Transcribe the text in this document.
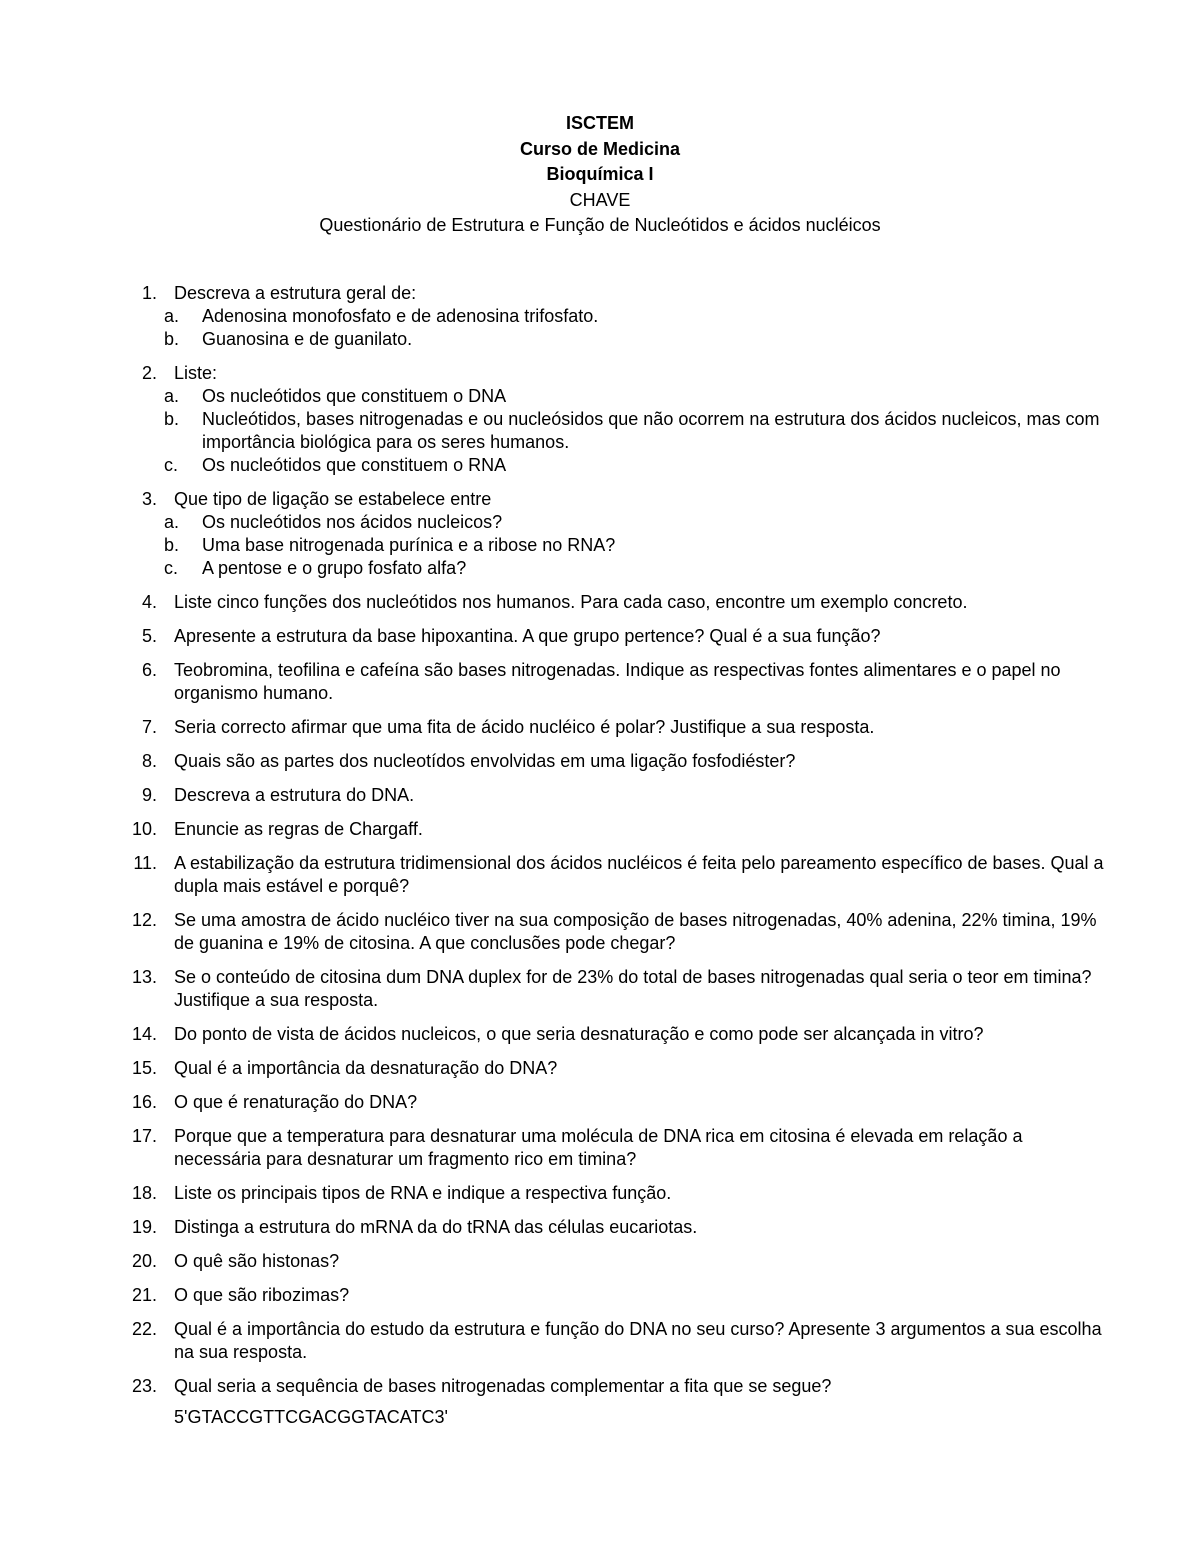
ISCTEM
Curso de Medicina
Bioquímica I
CHAVE
Questionário de Estrutura e Função de Nucleótidos e ácidos nucléicos
1. Descreva a estrutura geral de:
a. Adenosina monofosfato e de adenosina trifosfato.
b. Guanosina e de guanilato.
2. Liste:
a. Os nucleótidos que constituem o DNA
b. Nucleótidos, bases nitrogenadas e ou nucleósidos que não ocorrem na estrutura dos ácidos nucleicos, mas com importância biológica para os seres humanos.
c. Os nucleótidos que constituem o RNA
3. Que tipo de ligação se estabelece entre
a. Os nucleótidos nos ácidos nucleicos?
b. Uma base nitrogenada purínica e a ribose no RNA?
c. A pentose e o grupo fosfato alfa?
4. Liste cinco funções dos nucleótidos nos humanos. Para cada caso, encontre um exemplo concreto.
5. Apresente a estrutura da base hipoxantina. A que grupo pertence? Qual é a sua função?
6. Teobromina, teofilina e cafeína são bases nitrogenadas. Indique as respectivas fontes alimentares e o papel no organismo humano.
7. Seria correcto afirmar que uma fita de ácido nucléico é polar? Justifique a sua resposta.
8. Quais são as partes dos nucleotídos envolvidas em uma ligação fosfodiéster?
9. Descreva a estrutura do DNA.
10. Enuncie as regras de Chargaff.
11. A estabilização da estrutura tridimensional dos ácidos nucléicos é feita pelo pareamento específico de bases. Qual a dupla mais estável e porquê?
12. Se uma amostra de ácido nucléico tiver na sua composição de bases nitrogenadas, 40% adenina, 22% timina, 19% de guanina e 19% de citosina. A que conclusões pode chegar?
13. Se o conteúdo de citosina dum DNA duplex for de 23% do total de bases nitrogenadas qual seria o teor em timina? Justifique a sua resposta.
14. Do ponto de vista de ácidos nucleicos, o que seria desnaturação e como pode ser alcançada in vitro?
15. Qual é a importância da desnaturação do DNA?
16. O que é renaturação do DNA?
17. Porque que a temperatura para desnaturar uma molécula de DNA rica em citosina é elevada em relação a necessária para desnaturar um fragmento rico em timina?
18. Liste os principais tipos de RNA e indique a respectiva função.
19. Distinga a estrutura do mRNA da do tRNA das células eucariotas.
20. O quê são histonas?
21. O que são ribozimas?
22. Qual é a importância do estudo da estrutura e função do DNA no seu curso? Apresente 3 argumentos a sua escolha na sua resposta.
23. Qual seria a sequência de bases nitrogenadas complementar a fita que se segue?
5'GTACCGTTCGACGGTACATC3'
